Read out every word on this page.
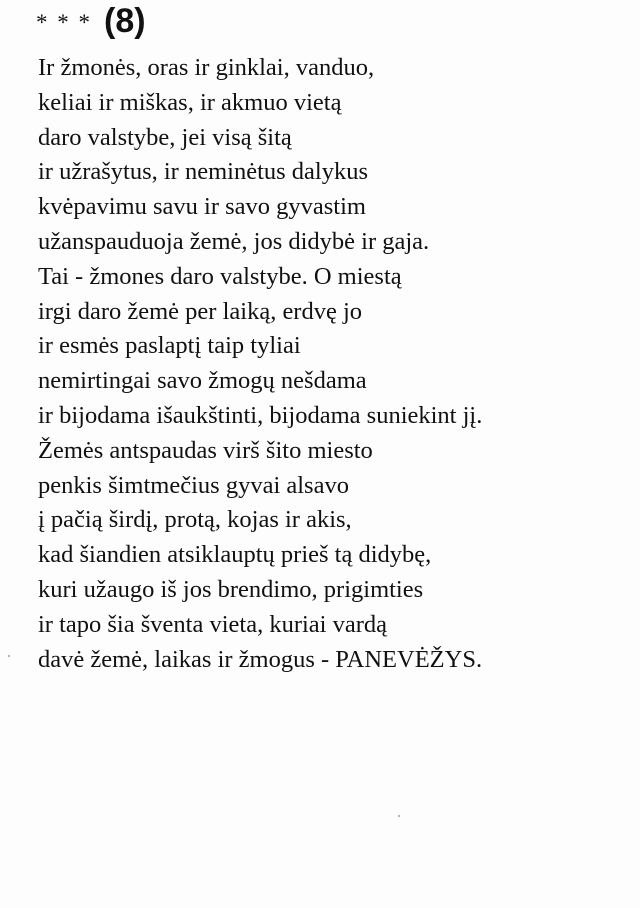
* * * (8)
Ir žmonės, oras ir ginklai, vanduo,
keliai ir miškas, ir akmuo vietą
daro valstybe, jei visą šitą
ir užrašytus, ir neminėtus dalykus
kvėpavimu savu ir savo gyvastim
užanspauduoja žemė, jos didybė ir gaja.
Tai - žmones daro valstybe. O miestą
irgi daro žemė per laiką, erdvę jo
ir esmės paslaptį taip tyliai
nemirtingai savo žmogų nešdama
ir bijodama išaukštinti, bijodama suniekint jį.
Žemės antspaudas virš šito miesto
penkis šimtmečius gyvai alsavo
į pačią širdį, protą, kojas ir akis,
kad šiandien atsiklauptų prieš tą didybę,
kuri užaugo iš jos brendimo, prigimties
ir tapo šia šventa vieta, kuriai vardą
davė žemė, laikas ir žmogus - PANEVĖŽYS.
